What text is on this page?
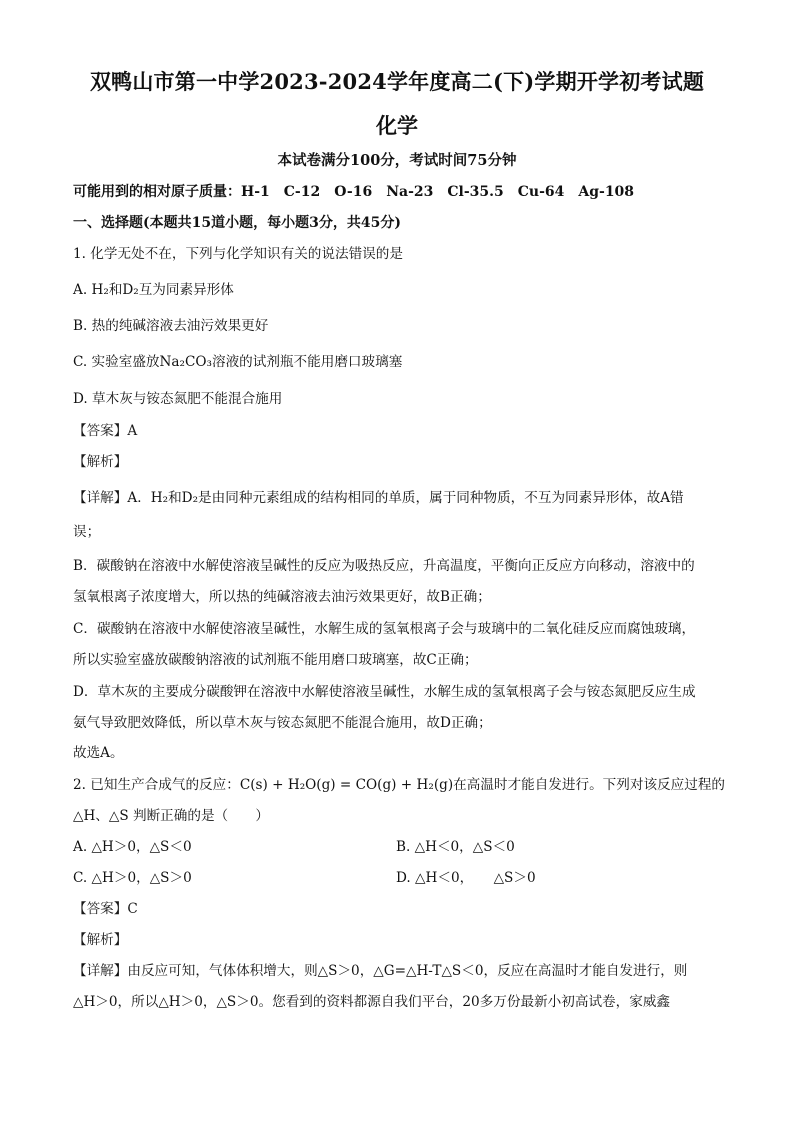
双鸭山市第一中学2023-2024学年度高二(下)学期开学初考试题
化学
本试卷满分100分，考试时间75分钟
可能用到的相对原子质量：H-1　C-12　O-16　Na-23　Cl-35.5　Cu-64　Ag-108
一、选择题(本题共15道小题，每小题3分，共45分)
1. 化学无处不在，下列与化学知识有关的说法错误的是
A. H₂和D₂互为同素异形体
B. 热的纯碱溶液去油污效果更好
C. 实验室盛放Na₂CO₃溶液的试剂瓶不能用磨口玻璃塞
D. 草木灰与铵态氮肥不能混合施用
【答案】A
【解析】
【详解】A．H₂和D₂是由同种元素组成的结构相同的单质，属于同种物质，不互为同素异形体，故A错
误；
B．碳酸钠在溶液中水解使溶液呈碱性的反应为吸热反应，升高温度，平衡向正反应方向移动，溶液中的
氢氧根离子浓度增大，所以热的纯碱溶液去油污效果更好，故B正确；
C．碳酸钠在溶液中水解使溶液呈碱性，水解生成的氢氧根离子会与玻璃中的二氧化硅反应而腐蚀玻璃，
所以实验室盛放碳酸钠溶液的试剂瓶不能用磨口玻璃塞，故C正确；
D．草木灰的主要成分碳酸钾在溶液中水解使溶液呈碱性，水解生成的氢氧根离子会与铵态氮肥反应生成
氨气导致肥效降低，所以草木灰与铵态氮肥不能混合施用，故D正确；
故选A。
2. 已知生产合成气的反应：C(s) + H₂O(g) = CO(g) + H₂(g)在高温时才能自发进行。下列对该反应过程的
△H、△S 判断正确的是（　　）
A. △H＞0，△S＜0	B. △H＜0，△S＜0
C. △H＞0，△S＞0	D. △H＜0，　　△S＞0
【答案】C
【解析】
【详解】由反应可知，气体体积增大，则△S＞0，△G=△H-T△S＜0，反应在高温时才能自发进行，则
△H＞0，所以△H＞0，△S＞0。您看到的资料都源自我们平台，20多万份最新小初高试卷，家威鑫
